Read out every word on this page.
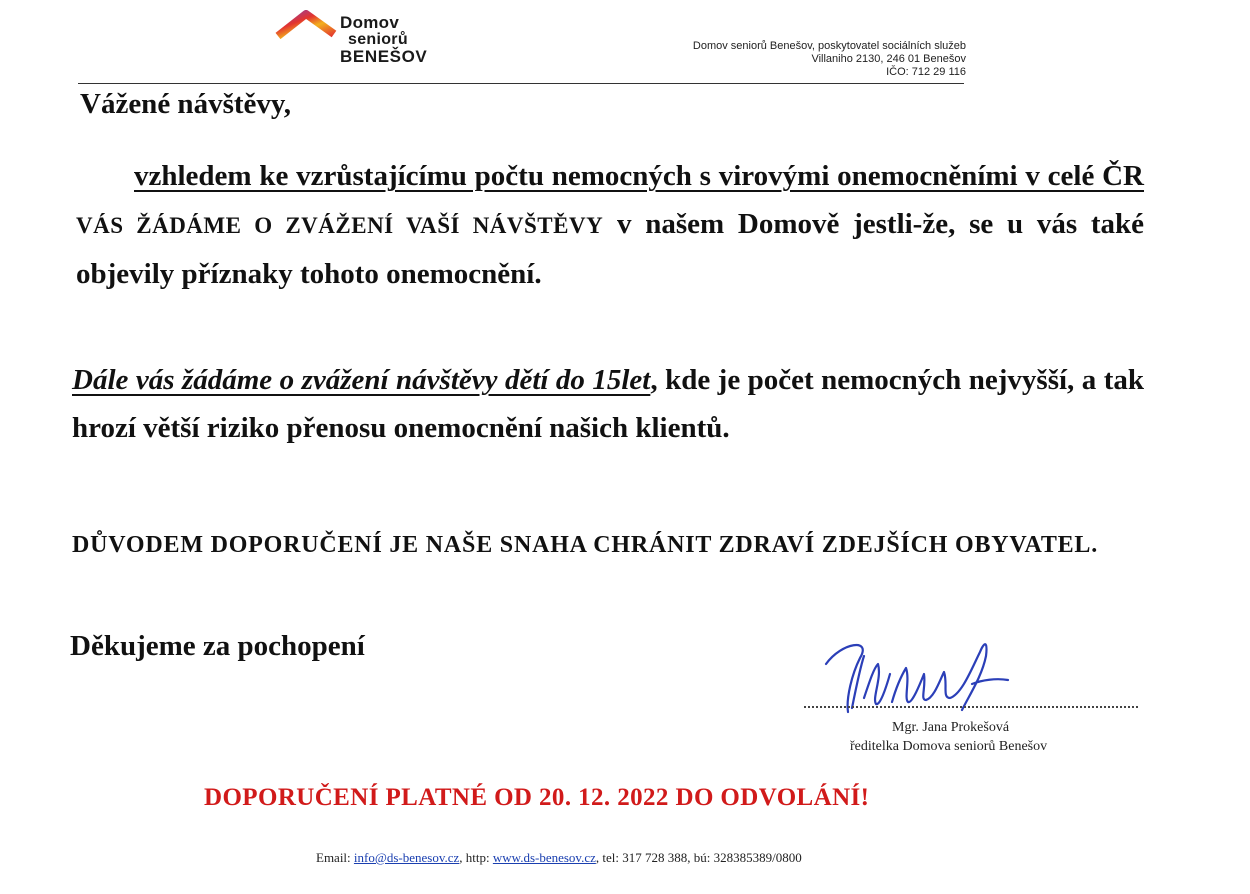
Domov
seniorů
BENEŠOV
Domov seniorů Benešov, poskytovatel sociálních služeb
Villaniho 2130, 246 01 Benešov
IČO: 712 29 116
Vážené návštěvy,
vzhledem ke vzrůstajícímu počtu nemocných s virovými onemocněními v celé ČR VÁS ŽÁDÁME O ZVÁŽENÍ VAŠÍ NÁVŠTĚVY v našem Domově jestli-že, se u vás také objevily příznaky tohoto onemocnění.
Dále vás žádáme o zvážení návštěvy dětí do 15let, kde je počet nemocných nejvyšší, a tak hrozí větší riziko přenosu onemocnění našich klientů.
DŮVODEM DOPORUČENÍ JE NAŠE SNAHA CHRÁNIT ZDRAVÍ ZDEJŠÍCH OBYVATEL.
Děkujeme za pochopení
Mgr. Jana Prokešová
ředitelka Domova seniorů Benešov
DOPORUČENÍ PLATNÉ OD 20. 12. 2022 DO ODVOLÁNÍ!
Email: info@ds-benesov.cz, http: www.ds-benesov.cz, tel: 317 728 388, bú: 328385389/0800
